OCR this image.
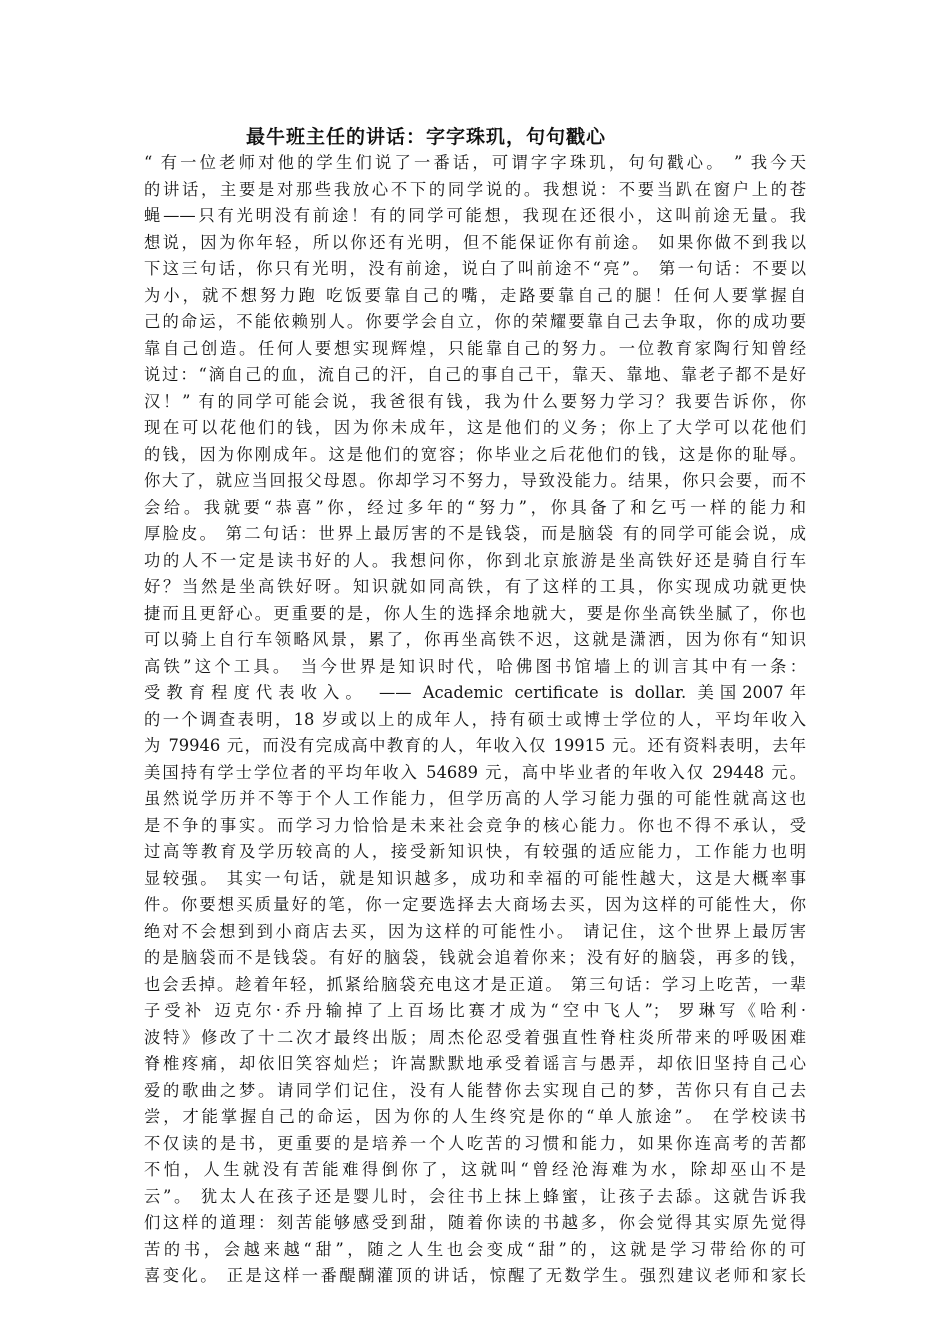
最牛班主任的讲话：字字珠玑，句句戳心
“ 有一位老师对他的学生们说了一番话，可谓字字珠玑，句句戳心。 ” 我今天
的讲话，主要是对那些我放心不下的同学说的。我想说：不要当趴在窗户上的苍
蝇——只有光明没有前途！有的同学可能想，我现在还很小，这叫前途无量。我
想说，因为你年轻，所以你还有光明，但不能保证你有前途。 如果你做不到我以
下这三句话，你只有光明，没有前途，说白了叫前途不“亮”。 第一句话：不要以
为小，就不想努力跑 吃饭要靠自己的嘴，走路要靠自己的腿！任何人要掌握自
己的命运，不能依赖别人。你要学会自立，你的荣耀要靠自己去争取，你的成功要
靠自己创造。任何人要想实现辉煌，只能靠自己的努力。一位教育家陶行知曾经
说过：“滴自己的血，流自己的汗，自己的事自己干，靠天、靠地、靠老子都不是好
汉！” 有的同学可能会说，我爸很有钱，我为什么要努力学习？我要告诉你，你
现在可以花他们的钱，因为你未成年，这是他们的义务；你上了大学可以花他们
的钱，因为你刚成年。这是他们的宽容；你毕业之后花他们的钱，这是你的耻辱。
你大了，就应当回报父母恩。你却学习不努力，导致没能力。结果，你只会要，而不
会给。我就要“恭喜”你，经过多年的“努力”，你具备了和乞丐一样的能力和
厚脸皮。 第二句话：世界上最厉害的不是钱袋，而是脑袋 有的同学可能会说，成
功的人不一定是读书好的人。我想问你，你到北京旅游是坐高铁好还是骑自行车
好？当然是坐高铁好呀。知识就如同高铁，有了这样的工具，你实现成功就更快
捷而且更舒心。更重要的是，你人生的选择余地就大，要是你坐高铁坐腻了，你也
可以骑上自行车领略风景，累了，你再坐高铁不迟，这就是潇洒，因为你有“知识
高铁”这个工具。 当今世界是知识时代，哈佛图书馆墙上的训言其中有一条：
受教育程度代表收入。 —— Academic certificate is dollar. 美国2007年
的一个调查表明，18 岁或以上的成年人，持有硕士或博士学位的人，平均年收入
为 79946 元，而没有完成高中教育的人，年收入仅 19915 元。还有资料表明，去年
美国持有学士学位者的平均年收入 54689 元，高中毕业者的年收入仅 29448 元。
虽然说学历并不等于个人工作能力，但学历高的人学习能力强的可能性就高这也
是不争的事实。而学习力恰恰是未来社会竞争的核心能力。你也不得不承认，受
过高等教育及学历较高的人，接受新知识快，有较强的适应能力，工作能力也明
显较强。 其实一句话，就是知识越多，成功和幸福的可能性越大，这是大概率事
件。你要想买质量好的笔，你一定要选择去大商场去买，因为这样的可能性大，你
绝对不会想到到小商店去买，因为这样的可能性小。 请记住，这个世界上最厉害
的是脑袋而不是钱袋。有好的脑袋，钱就会追着你来；没有好的脑袋，再多的钱，
也会丢掉。趁着年轻，抓紧给脑袋充电这才是正道。 第三句话：学习上吃苦，一辈
子受补 迈克尔·乔丹输掉了上百场比赛才成为“空中飞人”； 罗琳写《哈利·
波特》修改了十二次才最终出版；周杰伦忍受着强直性脊柱炎所带来的呼吸困难
脊椎疼痛，却依旧笑容灿烂；许嵩默默地承受着谣言与愚弄，却依旧坚持自己心
爱的歌曲之梦。请同学们记住，没有人能替你去实现自己的梦，苦你只有自己去
尝，才能掌握自己的命运，因为你的人生终究是你的“单人旅途”。 在学校读书
不仅读的是书，更重要的是培养一个人吃苦的习惯和能力，如果你连高考的苦都
不怕，人生就没有苦能难得倒你了，这就叫“曾经沧海难为水，除却巫山不是
云”。 犹太人在孩子还是婴儿时，会往书上抹上蜂蜜，让孩子去舔。这就告诉我
们这样的道理：刻苦能够感受到甜，随着你读的书越多，你会觉得其实原先觉得
苦的书，会越来越“甜”，随之人生也会变成“甜”的，这就是学习带给你的可
喜变化。 正是这样一番醍醐灌顶的讲话，惊醒了无数学生。强烈建议老师和家长
